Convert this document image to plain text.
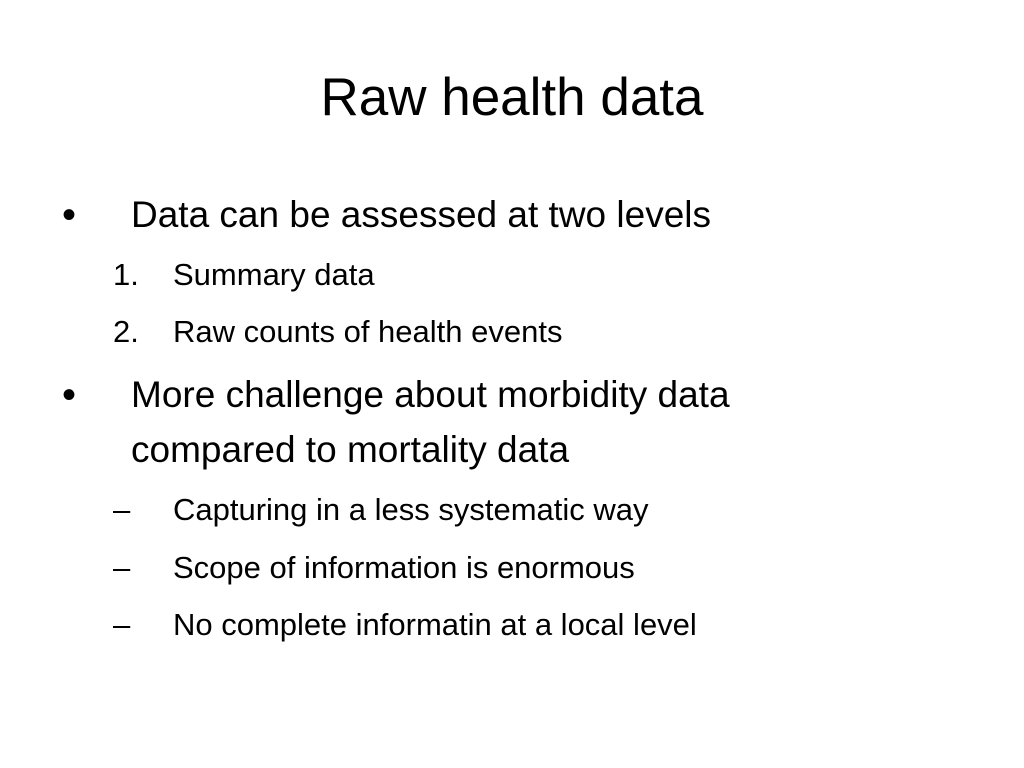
Raw health data
• Data can be assessed at two levels
1. Summary data
2. Raw counts of health events
• More challenge about morbidity data
compared to mortality data
– Capturing in a less systematic way
– Scope of information is enormous
– No complete informatin at a local level
